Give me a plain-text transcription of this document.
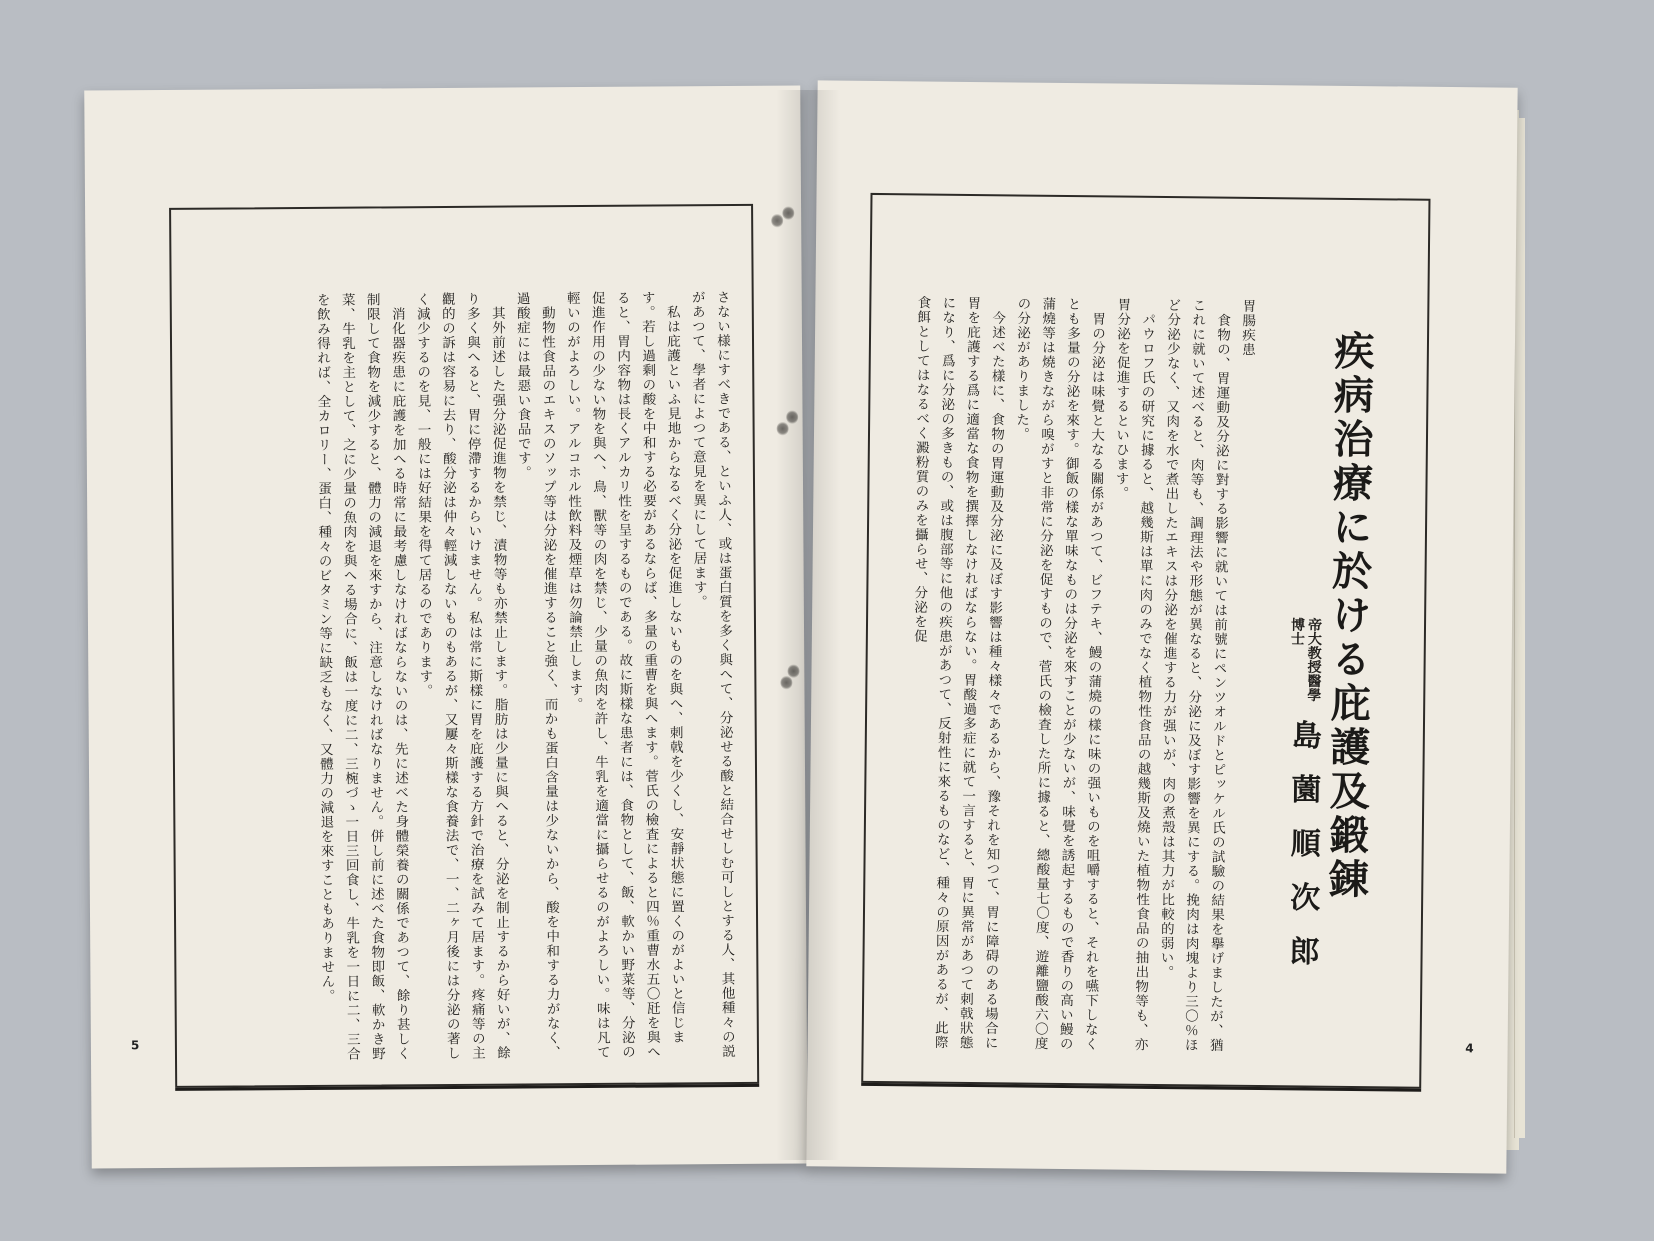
さない様にすべきである、といふ人、或は蛋白質を多く與へて、分泌せる酸と結合せしむ可しとする人、其他種々の説があつて、學者によつて意見を異にして居ます。
　私は庇護といふ見地からなるべく分泌を促進しないものを與へ、刺戟を少くし、安靜状態に置くのがよいと信じます。若し過剩の酸を中和する必要があるならば、多量の重曹を與へます。菅氏の檢査によると四％重曹水五〇瓩を與へると、胃内容物は長くアルカリ性を呈するものである。故に斯樣な患者には、食物として、飯、軟かい野菜等、分泌の促進作用の少ない物を與へ、鳥、獸等の肉を禁じ、少量の魚肉を許し、牛乳を適當に攝らせるのがよろしい。味は凡て輕いのがよろしい。アルコホル性飲料及煙草は勿論禁止します。
　動物性食品のエキスのソップ等は分泌を催進すること強く、而かも蛋白含量は少ないから、酸を中和する力がなく、過酸症には最惡い食品です。
　其外前述した强分泌促進物を禁じ、漬物等も亦禁止します。脂肪は少量に與へると、分泌を制止するから好いが、餘り多く與へると、胃に停滯するからいけません。私は常に斯樣に胃を庇護する方針で治療を試みて居ます。疼痛等の主觀的の訴は容易に去り、酸分泌は仲々輕減しないものもあるが、又屢々斯樣な食養法で、一、二ヶ月後には分泌の著しく減少するのを見、一般には好結果を得て居るのであります。
　消化器疾患に庇護を加へる時常に最考慮しなければならないのは、先に述べた身體榮養の關係であつて、餘り甚しく制限して食物を減少すると、體力の減退を來すから、注意しなければなりません。併し前に述べた食物即飯、軟かき野菜、牛乳を主として、之に少量の魚肉を與へる場合に、飯は一度に二、三椀づゝ一日三回食し、牛乳を一日に二、三合を飲み得れば、全カロリー、蛋白、種々のビタミン等に缺乏もなく、又體力の減退を來すこともありません。
5
疾病治療に於ける庇護及鍛錬
帝大教授醫學博士
島薗順次郎
胃腸疾患
　食物の、胃運動及分泌に對する影響に就いては前號にペンツオルドとピッケル氏の試驗の結果を擧げましたが、猶これに就いて述べると、肉等も、調理法や形態が異なると、分泌に及ぼす影響を異にする。挽肉は肉塊より三〇％ほど分泌少なく、又肉を水で煮出したエキスは分泌を催進する力が强いが、肉の煮殼は其力が比較的弱い。
　パウロフ氏の研究に據ると、越幾斯は單に肉のみでなく植物性食品の越幾斯及燒いた植物性食品の抽出物等も、亦胃分泌を促進するといひます。
　胃の分泌は味覺と大なる關係があつて、ビフテキ、鰻の蒲燒の樣に味の强いものを咀嚼すると、それを嚥下しなくとも多量の分泌を來す。御飯の樣な單味なものは分泌を來すことが少ないが、味覺を誘起するもので香りの高い鰻の蒲燒等は燒きながら嗅がすと非常に分泌を促すもので、菅氏の檢査した所に據ると、總酸量七〇度、遊離鹽酸六〇度の分泌がありました。
　今述べた樣に、食物の胃運動及分泌に及ぼす影響は種々樣々であるから、豫それを知つて、胃に障碍のある場合に胃を庇護する爲に適當な食物を撰擇しなければならない。胃酸過多症に就て一言すると、胃に異常があつて刺戟狀態になり、爲に分泌の多きもの、或は腹部等に他の疾患があつて、反射性に來るものなど、種々の原因があるが、此際食餌としてはなるべく澱粉質のみを攝らせ、分泌を促
4
